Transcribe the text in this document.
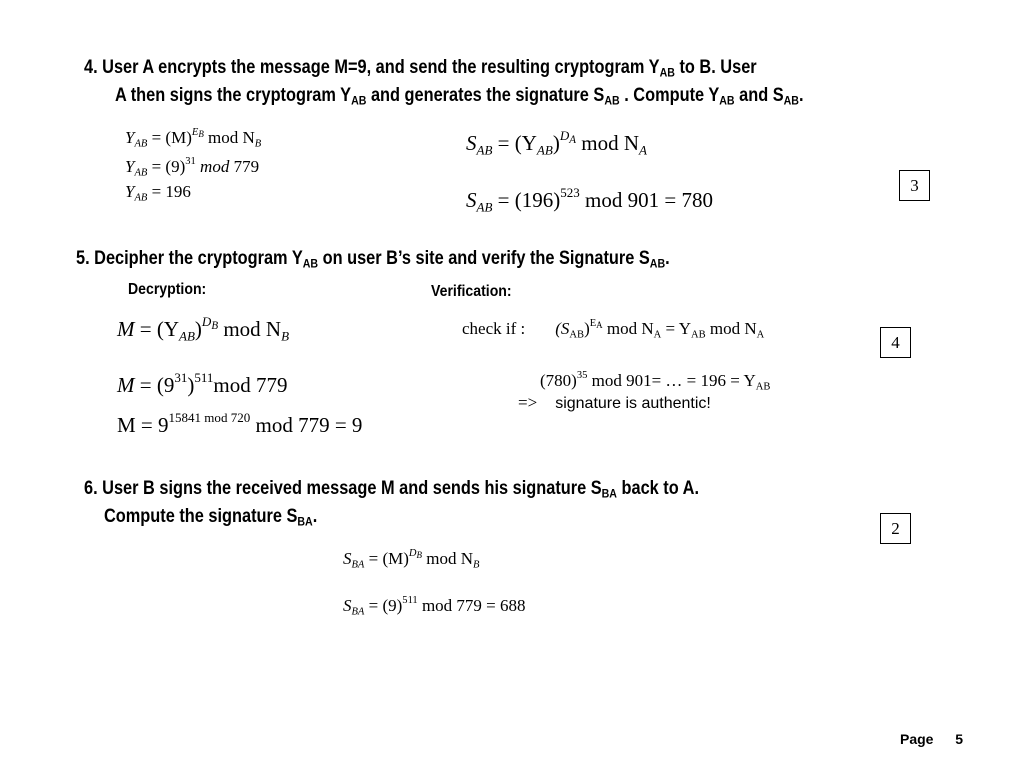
4. User A encrypts the message M=9, and send the resulting cryptogram $Y_{AB}$ to B. User
A then signs the cryptogram $Y_{AB}$ and generates the signature $S_{AB}$ . Compute $Y_{AB}$ and $S_{AB}$.
$Y_{AB} = (M)^{E_B}$ mod $N_B$
$Y_{AB} = (9)^{31}$ mod 779
$Y_{AB} = 196$
$S_{AB} = (Y_{AB})^{D_A}$ mod $N_A$
$S_{AB} = (196)^{523}$ mod 901 = 780
3
5. Decipher the cryptogram $Y_{AB}$ on user B’s site and verify the Signature $S_{AB}$.
Decryption:	Verification:
$M = (Y_{AB})^{D_B}$ mod $N_B$
$M = (9^{31})^{511}mod$ 779
$M = 9^{15841 mod 720}$ mod 779 = 9
check if : $(S_{AB})^{E_A}$ mod $N_A = Y_{AB}$ mod $N_A$
$(780)^{35}$ mod 901= … = $196 = Y_{AB}$
=> signature is authentic!
4
6. User B signs the received message M and sends his signature $S_{BA}$ back to A.
Compute the signature $S_{BA}$.
$S_{BA} = (M)^{D_B}$ mod $N_B$
$S_{BA} = (9)^{511}$ mod 779 = 688
2
Page 5
